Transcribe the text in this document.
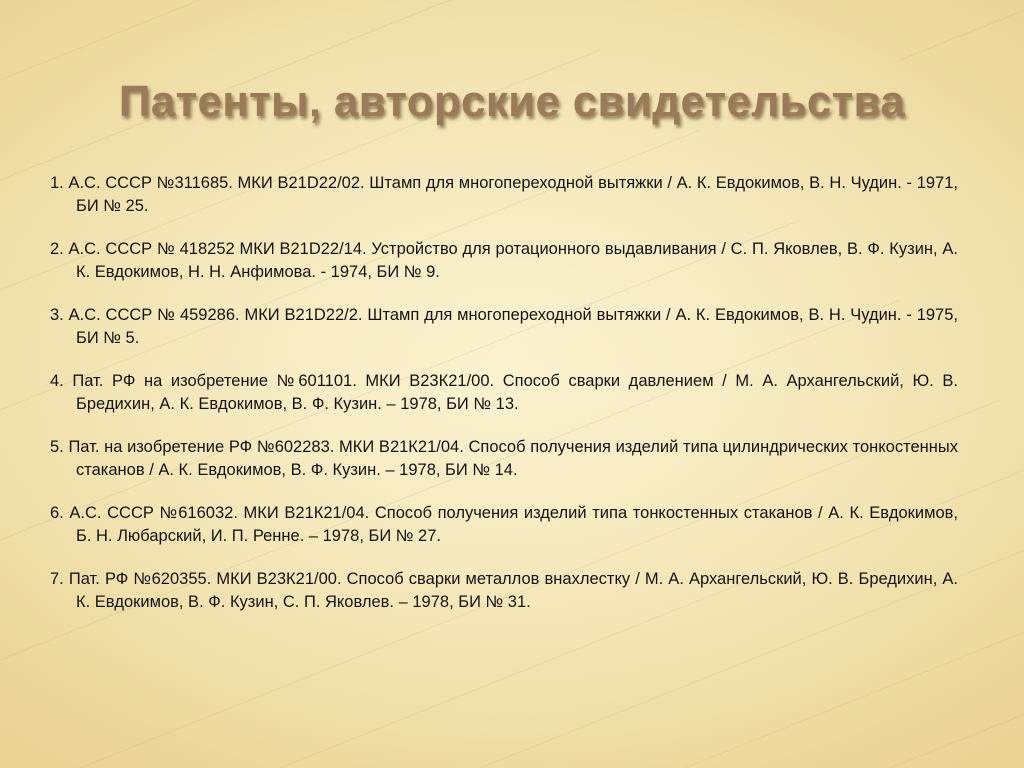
Патенты, авторские свидетельства
1. А.С. СССР №311685. МКИ В21D22/02. Штамп для многопереходной вытяжки / А. К. Евдокимов, В. Н. Чудин. - 1971, БИ № 25.
2. А.С. СССР № 418252 МКИ В21D22/14. Устройство для ротационного выдавливания / С. П. Яковлев, В. Ф. Кузин, А. К. Евдокимов, Н. Н. Анфимова. - 1974, БИ № 9.
3. А.С. СССР № 459286. МКИ В21D22/2. Штамп для многопереходной вытяжки / А. К. Евдокимов, В. Н. Чудин. - 1975, БИ № 5.
4. Пат. РФ на изобретение №601101. МКИ В23К21/00. Способ сварки давлением / М. А. Архангельский, Ю. В. Бредихин, А. К. Евдокимов, В. Ф. Кузин. – 1978, БИ № 13.
5. Пат. на изобретение РФ №602283. МКИ В21К21/04. Способ получения изделий типа цилиндрических тонкостенных стаканов / А. К. Евдокимов, В. Ф. Кузин. – 1978, БИ № 14.
6. А.С. СССР №616032. МКИ В21К21/04. Способ получения изделий типа тонкостенных стаканов / А. К. Евдокимов, Б. Н. Любарский, И. П. Ренне. – 1978, БИ № 27.
7. Пат. РФ №620355. МКИ В23К21/00. Способ сварки металлов внахлестку / М. А. Архангельский, Ю. В. Бредихин, А. К. Евдокимов, В. Ф. Кузин, С. П. Яковлев. – 1978, БИ № 31.
